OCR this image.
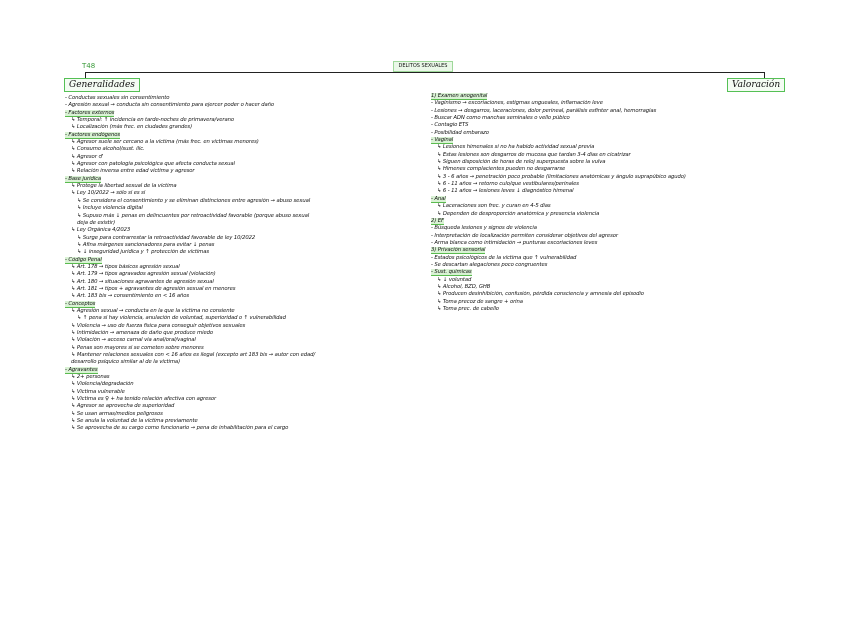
T48	DELITOS SEXUALES
Generalidades	Valoración
- Conductas sexuales sin consentimiento
- Agresión sexual → conducta sin consentimiento para ejercer poder o hacer daño
- Factores externos
↳ Temporal: ↑ incidencia en tarde-noches de primavera/verano
↳ Localización (más frec. en ciudades grandes)
- Factores endógenos
↳ Agresor suele ser cercano a la víctima (más frec. en víctimas menores)
↳ Consumo alcohol/sust. ilíc.
↳ Agresor ♂
↳ Agresor con patología psicológica que afecta conducta sexual
↳ Relación inversa entre edad víctima y agresor
- Base jurídica
↳ Protege la libertad sexual de la víctima
↳ Ley 10/2022 → sólo sí es sí
↳ Se considera el consentimiento y se eliminan distinciones entre agresión → abuso sexual
↳ Incluye violencia digital
↳ Supuso más ↓ penas en delincuentes por retroactividad favorable (porque abuso sexual
deja de existir)
↳ Ley Orgánica 4/2023
↳ Surge para contrarrestar la retroactividad favorable de ley 10/2022
↳ Afina márgenes sancionadores para evitar ↓ penas
↳ ↓ inseguridad jurídica y ↑ protección de víctimas
- Código Penal
↳ Art. 178 → tipos básicos agresión sexual
↳ Art. 179 → tipos agravados agresión sexual (violación)
↳ Art. 180 → situaciones agravantes de agresión sexual
↳ Art. 181 → tipos + agravantes de agresión sexual en menores
↳ Art. 183 bis → consentimiento en < 16 años
- Conceptos
↳ Agresión sexual → conducta en la que la víctima no consiente
↳ ↑ pena si hay violencia, anulación de voluntad, superioridad o ↑ vulnerabilidad
↳ Violencia → uso de fuerza física para conseguir objetivos sexuales
↳ Intimidación → amenaza de daño que produce miedo
↳ Violación → acceso carnal vía anal/oral/vaginal
↳ Penas son mayores si se cometen sobre menores
↳ Mantener relaciones sexuales con < 16 años es ilegal (excepto art 183 bis → autor con edad/
desarrollo psíquico similar al de la víctima)
- Agravantes
↳ 2+ personas
↳ Violencia/degradación
↳ Víctima vulnerable
↳ Víctima es ♀ + ha tenido relación afectiva con agresor
↳ Agresor se aprovecha de superioridad
↳ Se usan armas/medios peligrosos
↳ Se anula la voluntad de la víctima previamente
↳ Se aprovecha de su cargo como funcionario → pena de inhabilitación para el cargo
1) Examen anogenital
- Vaginismo → excoriaciones, estigmas ungueales, inflamación leve
- Lesiones → desgarros, laceraciones, dolor perineal, parálisis esfínter anal, hemorragias
- Buscar ADN como manchas seminales o vello púbico
- Contagio ETS
- Posibilidad embarazo
- Vaginal
↳ Lesiones himenales si no ha habido actividad sexual previa
↳ Estas lesiones son desgarros de mucosa que tardan 3-4 días en cicatrizar
↳ Siguen disposición de horas de reloj superpuesta sobre la vulva
↳ Himenes complacientes pueden no desgarrarse
↳ 3 - 6 años → penetración poco probable (limitaciones anatómicas y ángulo suprapúbico agudo)
↳ 6 - 11 años → retorno culo/que vestibulares/perinales
↳ 6 - 11 años → lesiones leves ↓ diagnóstico himenal
- Anal
↳ Laceraciones son frec. y curan en 4-5 días
↳ Dependen de desproporción anatómica y presencia violencia
2) EF
- Búsqueda lesiones y signos de violencia
- Interpretación de localización permiten considerar objetivos del agresor
- Arma blanca como intimidación → punturas excoriaciones leves
3) Privación sensorial
- Estados psicológicos de la víctima que ↑ vulnerabilidad
- Se descartan alegaciones poco congruentes
- Sust. químicas
↳ ↓ voluntad
↳ Alcohol, BZD, GHB
↳ Producen desinhibición, confusión, pérdida consciencia y amnesia del episodio
↳ Toma precoz de sangre + orina
↳ Toma prec. de cabello
